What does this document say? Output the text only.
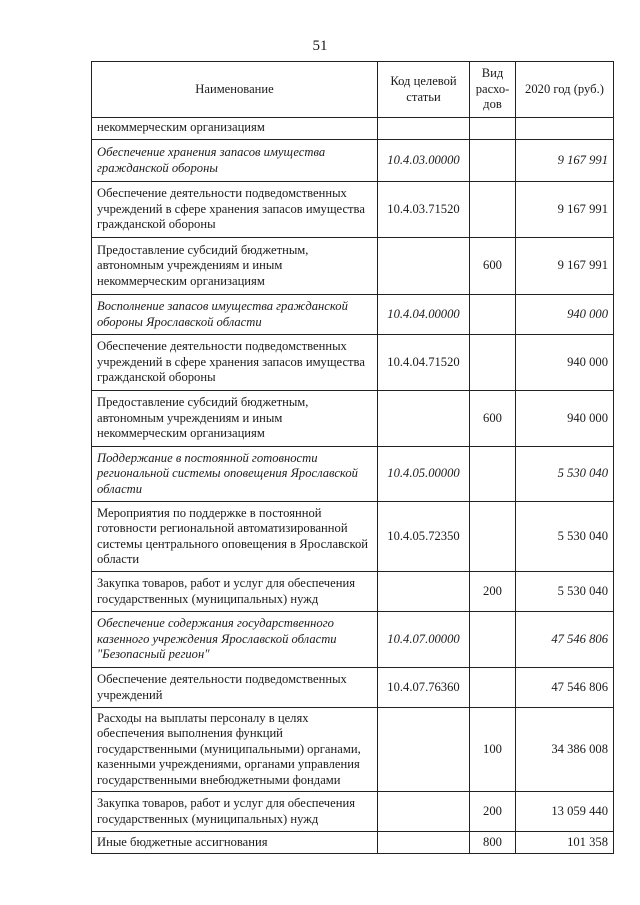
51
Наименование	Код целевой статьи	Вид расхо-дов	2020 год (руб.)
некоммерческим организациям			
Обеспечение хранения запасов имущества гражданской обороны	10.4.03.00000		9 167 991
Обеспечение деятельности подведомственных учреждений в сфере хранения запасов имущества гражданской обороны	10.4.03.71520		9 167 991
Предоставление субсидий бюджетным, автономным учреждениям и иным некоммерческим организациям		600	9 167 991
Восполнение запасов имущества гражданской обороны Ярославской области	10.4.04.00000		940 000
Обеспечение деятельности подведомственных учреждений в сфере хранения запасов имущества гражданской обороны	10.4.04.71520		940 000
Предоставление субсидий бюджетным, автономным учреждениям и иным некоммерческим организациям		600	940 000
Поддержание в постоянной готовности региональной системы оповещения Ярославской области	10.4.05.00000		5 530 040
Мероприятия по поддержке в постоянной готовности региональной автоматизированной системы центрального оповещения в Ярославской области	10.4.05.72350		5 530 040
Закупка товаров, работ и услуг для обеспечения государственных (муниципальных) нужд		200	5 530 040
Обеспечение содержания государственного казенного учреждения Ярославской области "Безопасный регион"	10.4.07.00000		47 546 806
Обеспечение деятельности подведомственных учреждений	10.4.07.76360		47 546 806
Расходы на выплаты персоналу в целях обеспечения выполнения функций государственными (муниципальными) органами, казенными учреждениями, органами управления государственными внебюджетными фондами		100	34 386 008
Закупка товаров, работ и услуг для обеспечения государственных (муниципальных) нужд		200	13 059 440
Иные бюджетные ассигнования		800	101 358
